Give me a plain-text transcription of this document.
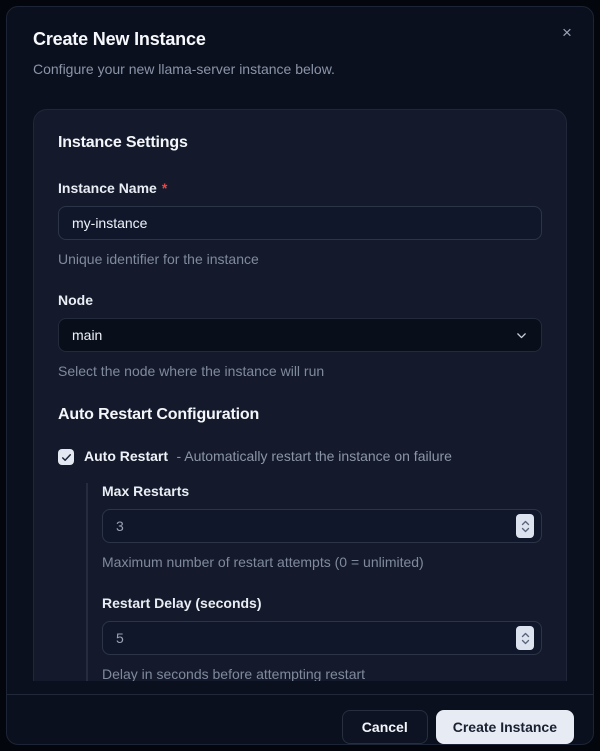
×
Create New Instance
Configure your new llama-server instance below.
Instance Settings
Instance Name *
my-instance
Unique identifier for the instance
Node
main
Select the node where the instance will run
Auto Restart Configuration
Auto Restart - Automatically restart the instance on failure
Max Restarts
3
Maximum number of restart attempts (0 = unlimited)
Restart Delay (seconds)
5
Delay in seconds before attempting restart
Cancel	Create Instance
